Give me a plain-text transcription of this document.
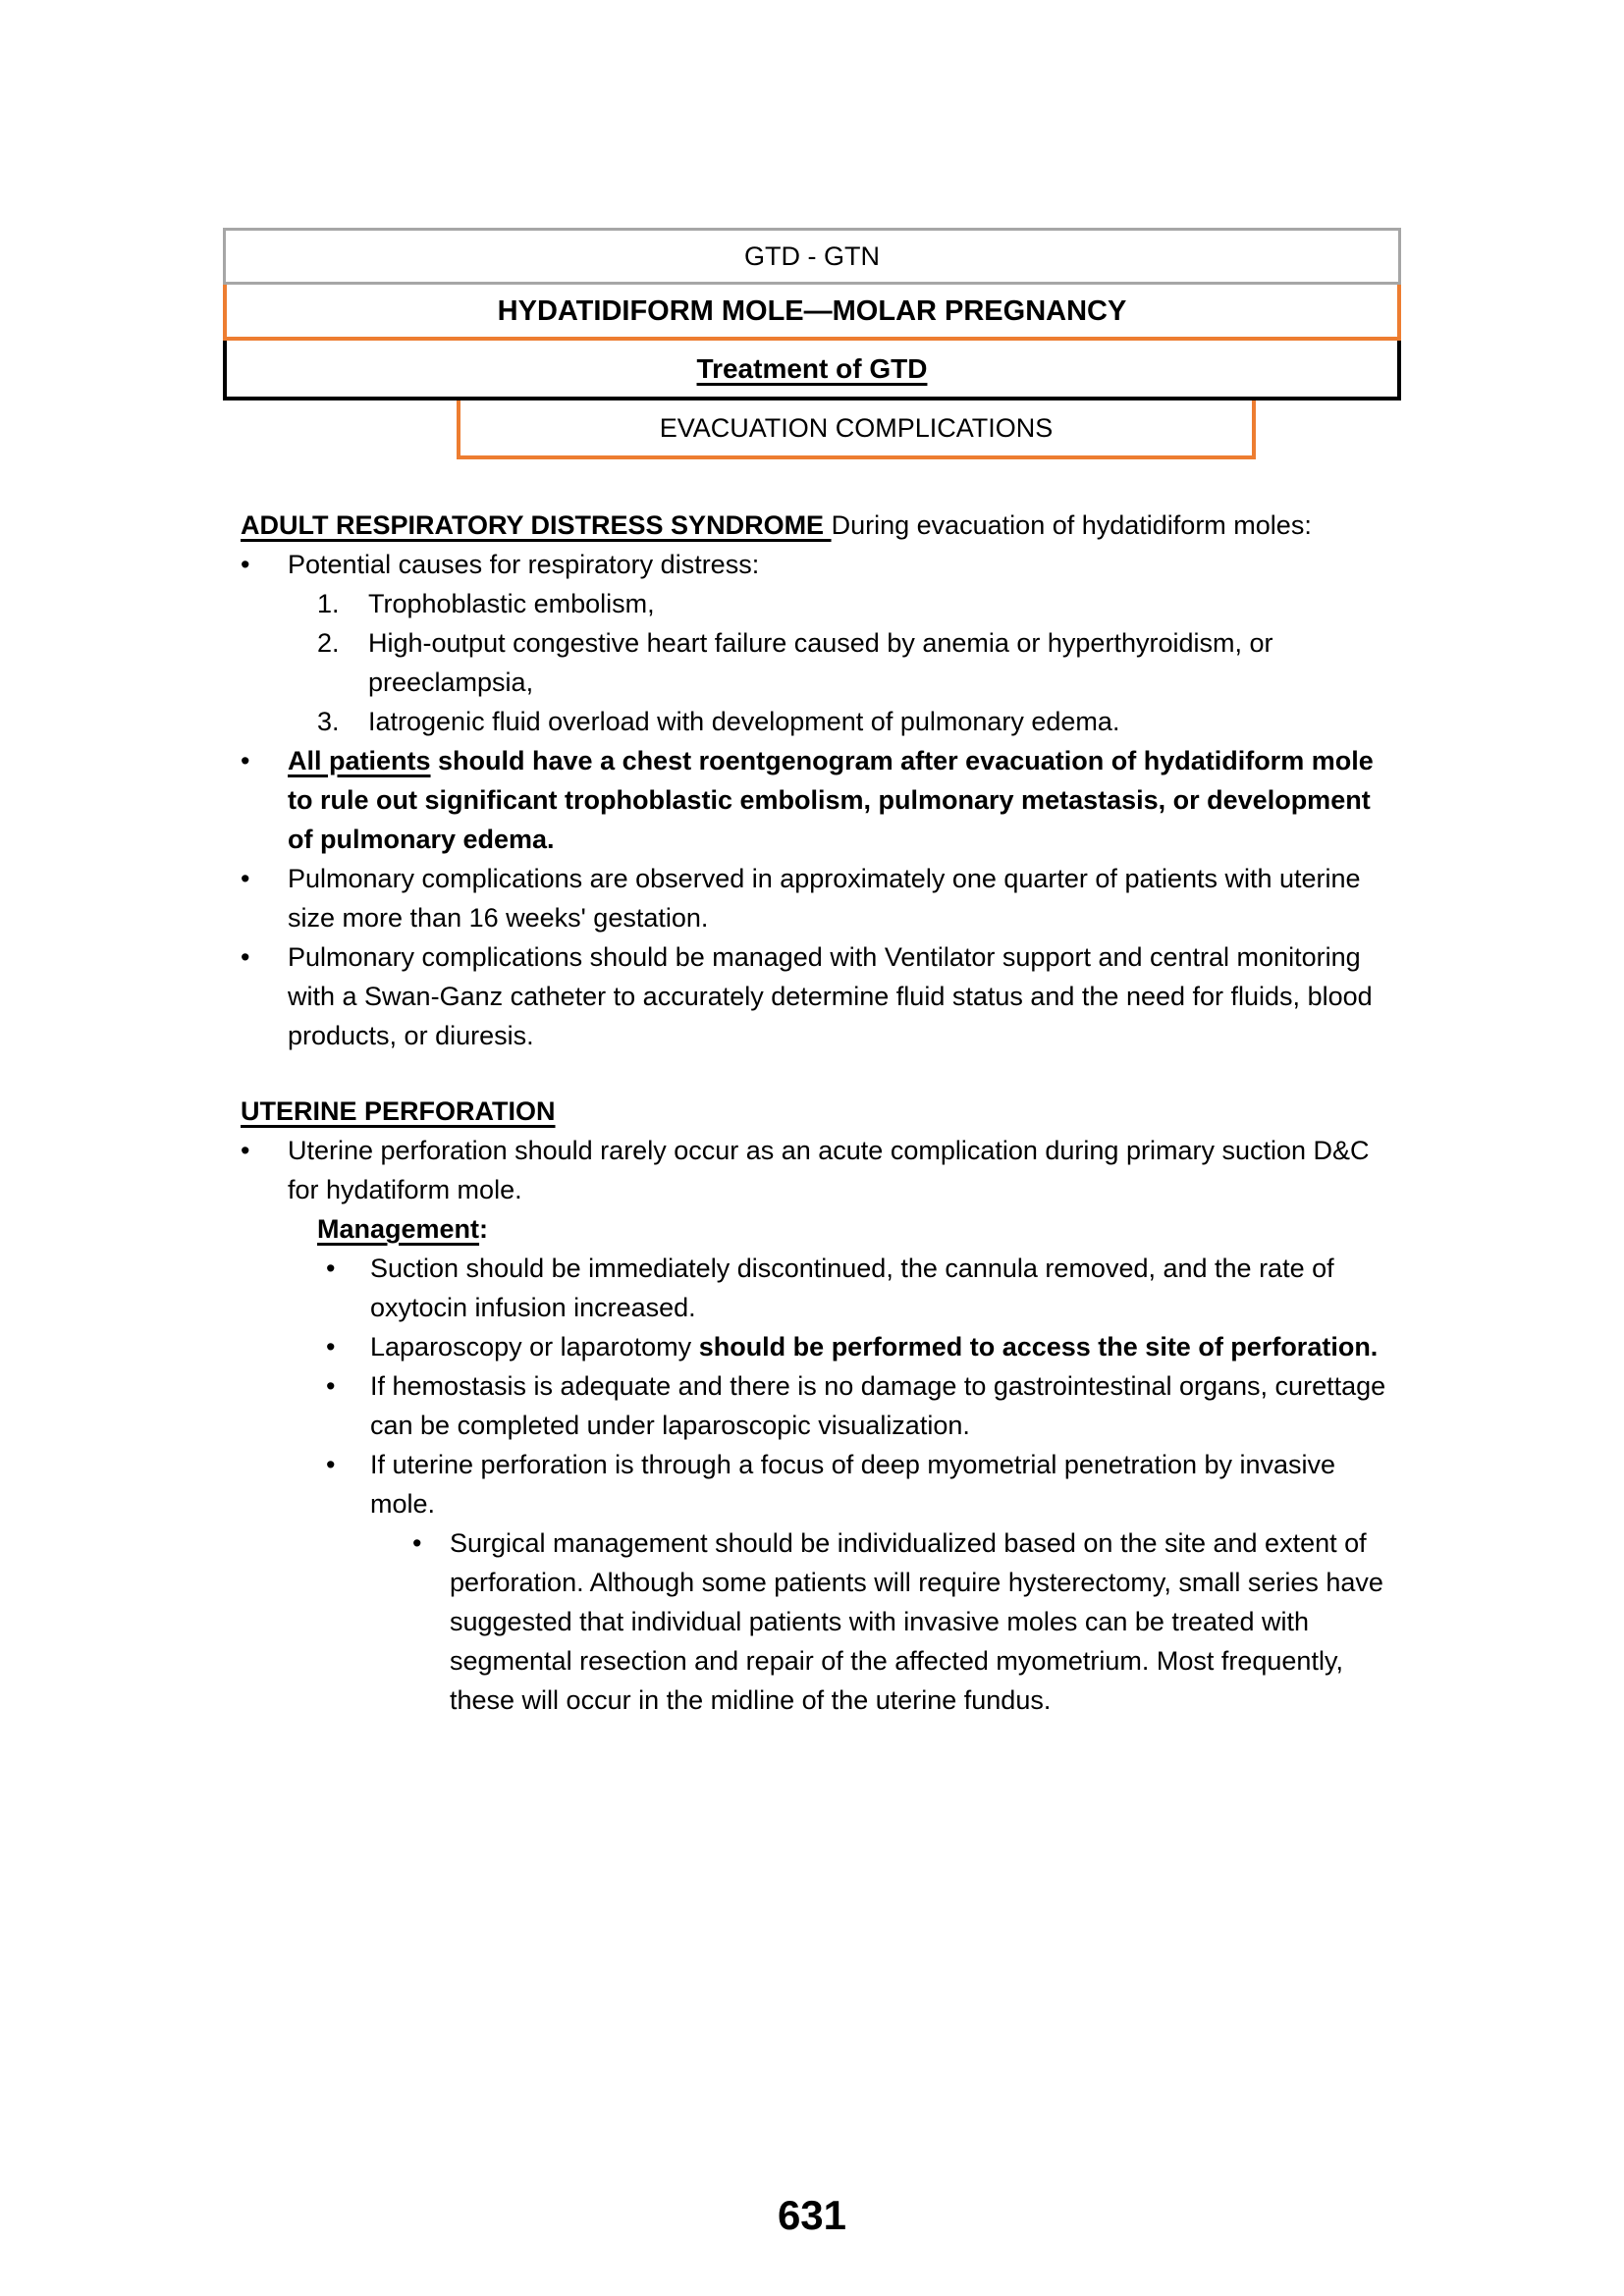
GTD - GTN
HYDATIDIFORM MOLE—MOLAR PREGNANCY
Treatment of GTD
EVACUATION COMPLICATIONS

ADULT RESPIRATORY DISTRESS SYNDROME During evacuation of hydatidiform moles:

•	Potential causes for respiratory distress:
1.	Trophoblastic embolism,
2.	High-output congestive heart failure caused by anemia or hyperthyroidism, or preeclampsia,
3.	Iatrogenic fluid overload with development of pulmonary edema.
•	All patients should have a chest roentgenogram after evacuation of hydatidiform mole to rule out significant trophoblastic embolism, pulmonary metastasis, or development of pulmonary edema.
•	Pulmonary complications are observed in approximately one quarter of patients with uterine size more than 16 weeks' gestation.
•	Pulmonary complications should be managed with Ventilator support and central monitoring with a Swan-Ganz catheter to accurately determine fluid status and the need for fluids, blood products, or diuresis.
UTERINE PERFORATION
•	Uterine perforation should rarely occur as an acute complication during primary suction D&C for hydatiform mole.

Management:

•	Suction should be immediately discontinued, the cannula removed, and the rate of oxytocin infusion increased.
•	Laparoscopy or laparotomy should be performed to access the site of perforation.
•	If hemostasis is adequate and there is no damage to gastrointestinal organs, curettage can be completed under laparoscopic visualization.
•	If uterine perforation is through a focus of deep myometrial penetration by invasive mole.
•	Surgical management should be individualized based on the site and extent of perforation. Although some patients will require hysterectomy, small series have suggested that individual patients with invasive moles can be treated with segmental resection and repair of the affected myometrium. Most frequently, these will occur in the midline of the uterine fundus.
631
